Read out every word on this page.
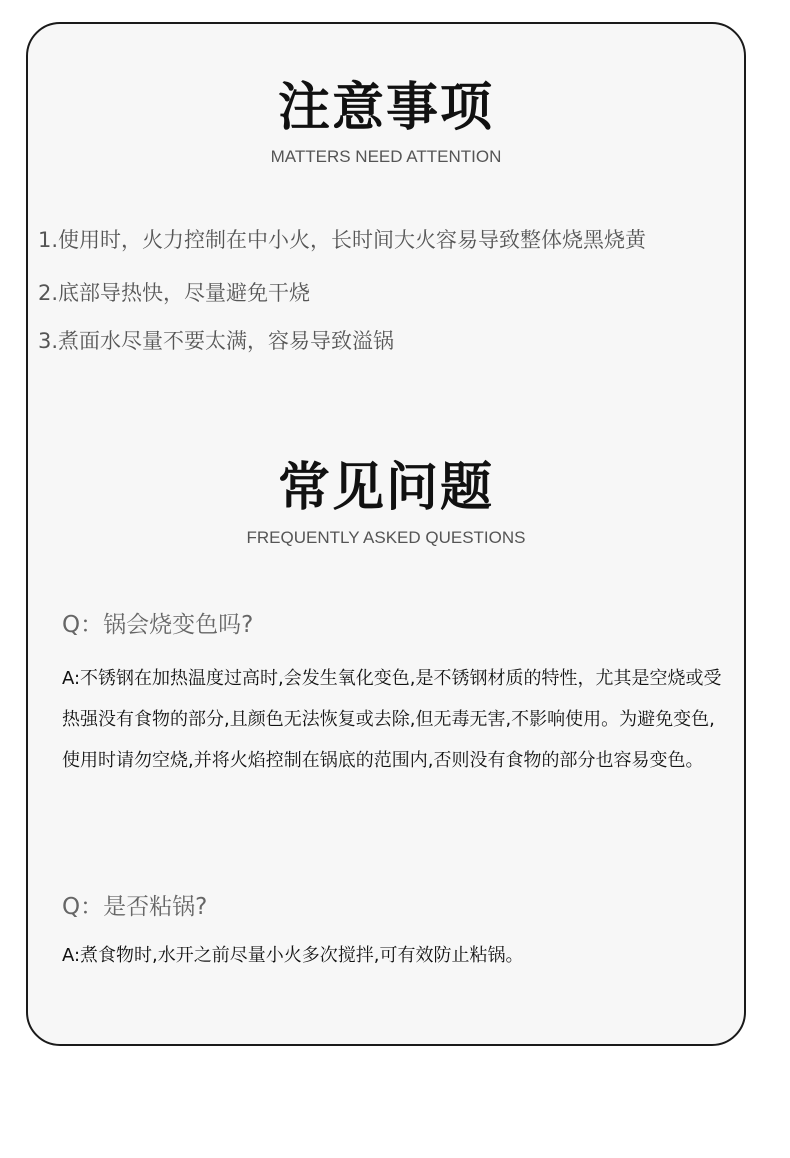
注意事项
MATTERS NEED ATTENTION
1.使用时，火力控制在中小火，长时间大火容易导致整体烧黑烧黄
2.底部导热快，尽量避免干烧
3.煮面水尽量不要太满，容易导致溢锅
常见问题
FREQUENTLY ASKED QUESTIONS
Q：锅会烧变色吗?
A:不锈钢在加热温度过高时,会发生氧化变色,是不锈钢材质的特性，尤其是空烧或受热强没有食物的部分,且颜色无法恢复或去除,但无毒无害,不影响使用。为避免变色,使用时请勿空烧,并将火焰控制在锅底的范围内,否则没有食物的部分也容易变色。
Q：是否粘锅?
A:煮食物时,水开之前尽量小火多次搅拌,可有效防止粘锅。
